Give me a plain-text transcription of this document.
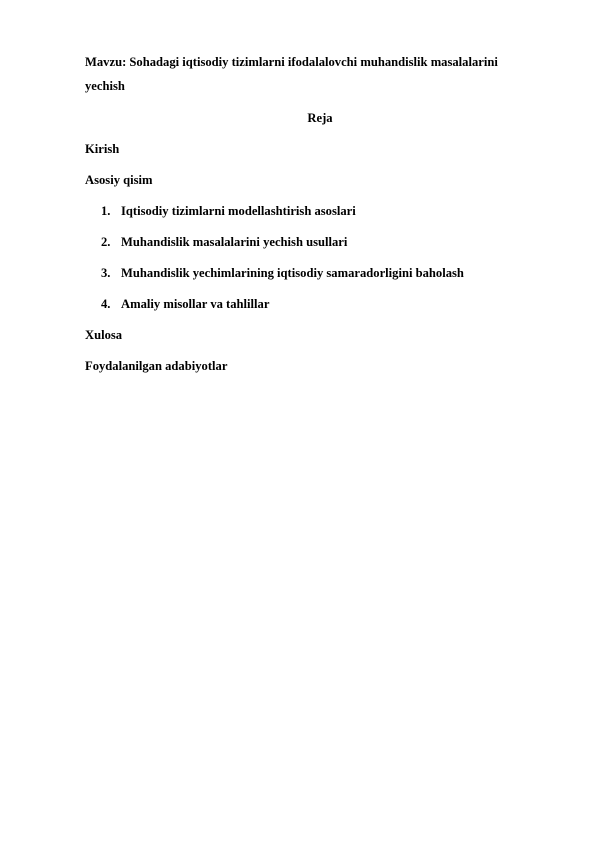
Mavzu: Sohadagi iqtisodiy tizimlarni ifodalalovchi muhandislik masalalarini
yechish
Reja
Kirish
Asosiy qisim
1. Iqtisodiy tizimlarni modellashtirish asoslari
2. Muhandislik masalalarini yechish usullari
3. Muhandislik yechimlarining iqtisodiy samaradorligini baholash
4. Amaliy misollar va tahlillar
Xulosa
Foydalanilgan adabiyotlar
